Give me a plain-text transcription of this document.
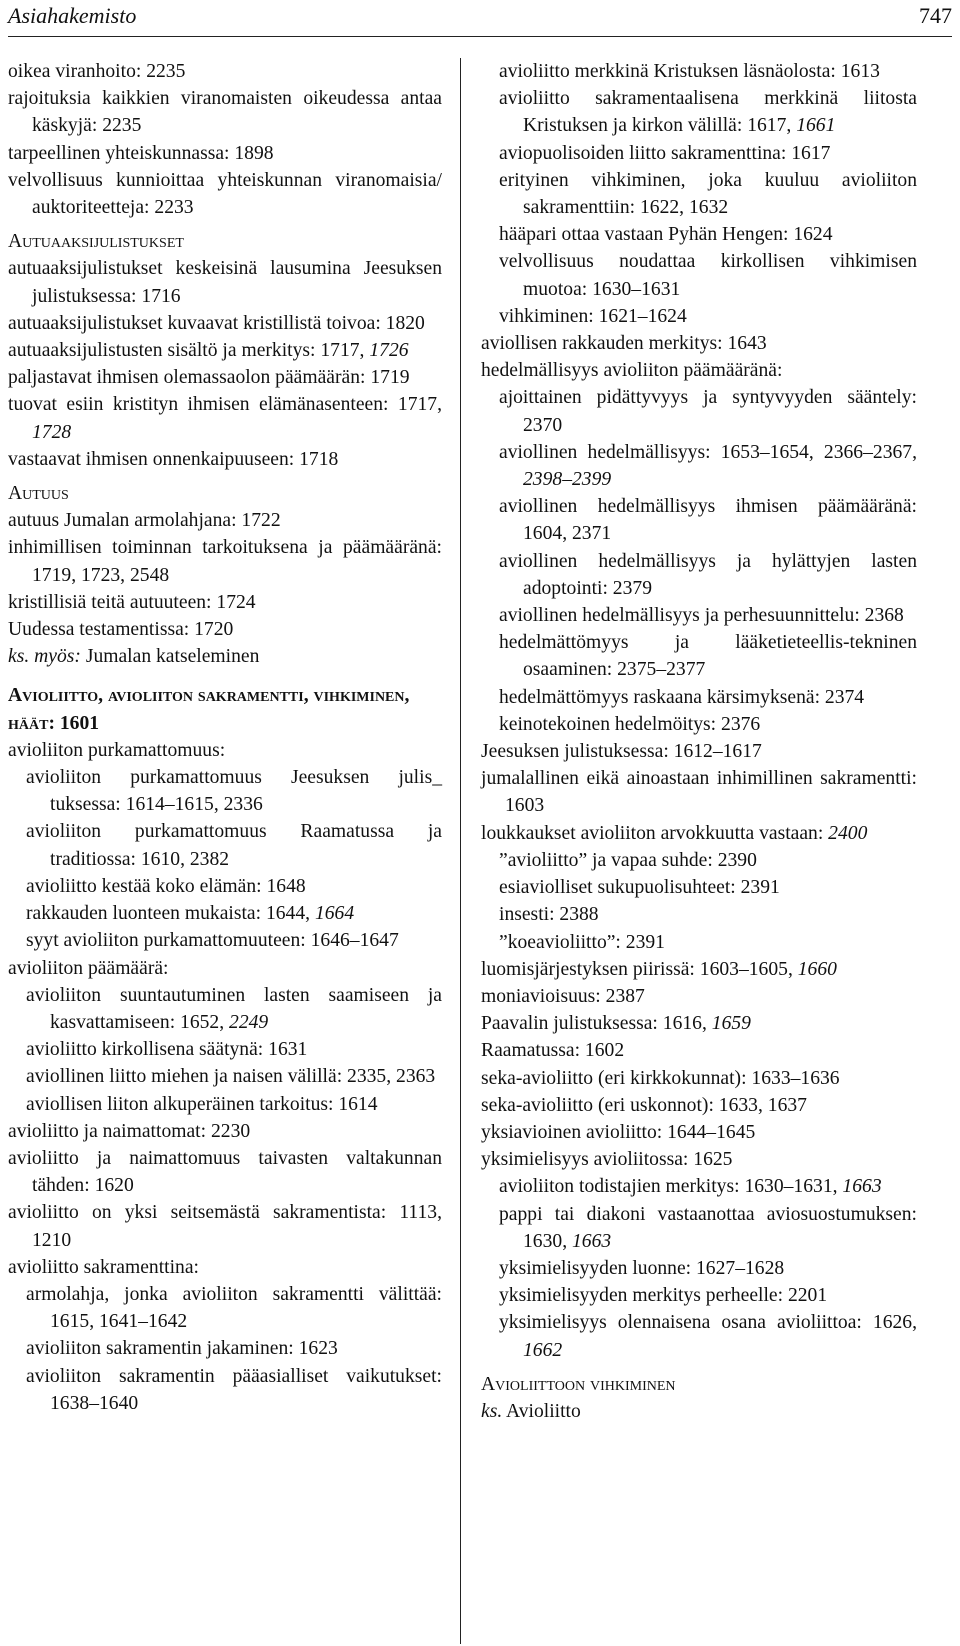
Asiahakemisto	747
oikea viranhoito: 2235
rajoituksia kaikkien viranomaisten oikeudessa antaa käskyjä: 2235
tarpeellinen yhteiskunnassa: 1898
velvollisuus kunnioittaa yhteiskunnan viranomaisia/ auktoriteetteja: 2233
Autuaaksijulistukset
autuaaksijulistukset keskeisinä lausumina Jeesuksen julistuksessa: 1716
autuaaksijulistukset kuvaavat kristillistä toivoa: 1820
autuaaksijulistusten sisältö ja merkitys: 1717, 1726
paljastavat ihmisen olemassaolon päämäärän: 1719
tuovat esiin kristityn ihmisen elämänasenteen: 1717, 1728
vastaavat ihmisen onnenkaipuuseen: 1718
Autuus
autuus Jumalan armolahjana: 1722
inhimillisen toiminnan tarkoituksena ja päämääränä: 1719, 1723, 2548
kristillisiä teitä autuuteen: 1724
Uudessa testamentissa: 1720
ks. myös: Jumalan katseleminen
Avioliitto, avioliiton sakramentti, vihkiminen, häät: 1601
avioliiton purkamattomuus:
avioliiton purkamattomuus Jeesuksen julis_ tuksessa: 1614–1615, 2336
avioliiton purkamattomuus Raamatussa ja traditiossa: 1610, 2382
avioliitto kestää koko elämän: 1648
rakkauden luonteen mukaista: 1644, 1664
syyt avioliiton purkamattomuuteen: 1646–1647
avioliiton päämäärä:
avioliiton suuntautuminen lasten saamiseen ja kasvattamiseen: 1652, 2249
avioliitto kirkollisena säätynä: 1631
aviollinen liitto miehen ja naisen välillä: 2335, 2363
aviollisen liiton alkuperäinen tarkoitus: 1614
avioliitto ja naimattomat: 2230
avioliitto ja naimattomuus taivasten valtakunnan tähden: 1620
avioliitto on yksi seitsemästä sakramentista: 1113, 1210
avioliitto sakramenttina:
armolahja, jonka avioliiton sakramentti välittää: 1615, 1641–1642
avioliiton sakramentin jakaminen: 1623
avioliiton sakramentin pääasialliset vaikutukset: 1638–1640
avioliitto merkkinä Kristuksen läsnäolosta: 1613
avioliitto sakramentaalisena merkkinä liitosta Kristuksen ja kirkon välillä: 1617, 1661
aviopuolisoiden liitto sakramenttina: 1617
erityinen vihkiminen, joka kuuluu avioliiton sakramenttiin: 1622, 1632
hääpari ottaa vastaan Pyhän Hengen: 1624
velvollisuus noudattaa kirkollisen vihkimisen muotoa: 1630–1631
vihkiminen: 1621–1624
aviollisen rakkauden merkitys: 1643
hedelmällisyys avioliiton päämääränä:
ajoittainen pidättyvyys ja syntyvyyden sääntely: 2370
aviollinen hedelmällisyys: 1653–1654, 2366–2367, 2398–2399
aviollinen hedelmällisyys ihmisen päämääränä: 1604, 2371
aviollinen hedelmällisyys ja hylättyjen lasten adoptointi: 2379
aviollinen hedelmällisyys ja perhesuunnittelu: 2368
hedelmättömyys ja lääketieteellis-tekninen osaaminen: 2375–2377
hedelmättömyys raskaana kärsimyksenä: 2374
keinotekoinen hedelmöitys: 2376
Jeesuksen julistuksessa: 1612–1617
jumalallinen eikä ainoastaan inhimillinen sakramentti: 1603
loukkaukset avioliiton arvokkuutta vastaan: 2400
”avioliitto” ja vapaa suhde: 2390
esiaviolliset sukupuolisuhteet: 2391
insesti: 2388
”koeavioliitto”: 2391
luomisjärjestyksen piirissä: 1603–1605, 1660
moniavioisuus: 2387
Paavalin julistuksessa: 1616, 1659
Raamatussa: 1602
seka-avioliitto (eri kirkkokunnat): 1633–1636
seka-avioliitto (eri uskonnot): 1633, 1637
yksiavioinen avioliitto: 1644–1645
yksimielisyys avioliitossa: 1625
avioliiton todistajien merkitys: 1630–1631, 1663
pappi tai diakoni vastaanottaa aviosuostumuksen: 1630, 1663
yksimielisyyden luonne: 1627–1628
yksimielisyyden merkitys perheelle: 2201
yksimielisyys olennaisena osana avioliittoa: 1626, 1662
Avioliittoon vihkiminen
ks. Avioliitto
